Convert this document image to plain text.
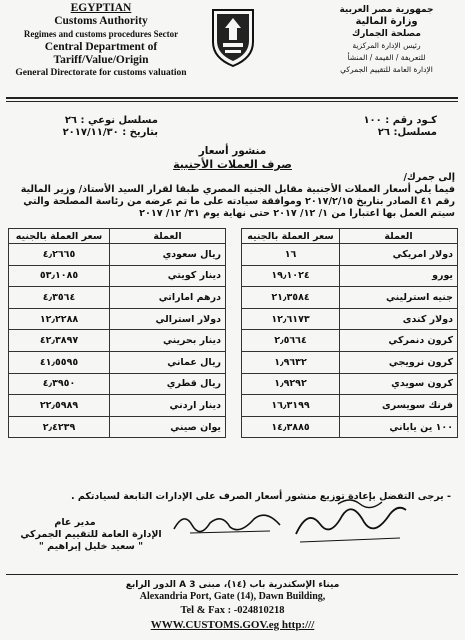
EGYPTIAN
Customs Authority
Regimes and customs procedures Sector
Central Department of
Tariff/Value/Origin
General Directorate for customs valuation
جمهورية مصر العربية
وزارة المالية
مصلحة الجمارك
رئيس الإدارة المركزية
للتعريفة / القيمة / المنشأ
الإدارة العامة للتقييم الجمركي
مسلسل نوعي : ٢٦
بتاريخ : ٢٠١٧/١١/٣٠
كـود رقم : ١٠٠
مسلسل: ٢٦
منشور أسعار
صرف العملات الأجنبية
إلى جمرك/
فيما يلي أسعار العملات الأجنبية مقابل الجنيه المصري طبقا لقرار السيد الأستاذ/ وزير المالية رقم ٤١ الصادر بتاريخ ٢٠١٧/٢/١٥ وموافقة سيادته على ما تم عرضه من رئاسة المصلحة والتي سيتم العمل بها اعتبارا من ١/ ١٢/ ٢٠١٧ حتى نهاية يوم ٣١/ ١٢/ ٢٠١٧
العملة	سعر العملة بالجنيه		العملة	سعر العملة بالجنيه
دولار امريكي	١٦		ريال سعودي	٤٫٢٦٦٥
يورو	١٩٫١٠٢٤		دينار كويتي	٥٣٫١٠٨٥
جنيه استرليني	٢١٫٣٥٨٤		درهم اماراتي	٤٫٣٥٦٤
دولار كندى	١٢٫٦١٧٣		دولار استرالي	١٢٫٢٢٨٨
كرون دنمركي	٢٫٥٦٦٤		دينار بحريني	٤٢٫٣٨٩٧
كرون نرويجي	١٫٩٦٣٢		ريال عماني	٤١٫٥٥٩٥
كرون سويدي	١٫٩٢٩٢		ريال قطري	٤٫٣٩٥٠
فرنك سويسرى	١٦٫٣١٩٩		دينار اردني	٢٢٫٥٩٨٩
١٠٠ ين ياباني	١٤٫٣٨٨٥		يوان صيني	٢٫٤٢٣٩
- يرجى التفضل بإعادة توزيع منشور أسعار الصرف على الإدارات التابعة لسيادتكم .
مدير عام
الإدارة العامة للتقييم الجمركي
" سعيد خليل إبراهيم "
ميناء الإسكندرية باب (١٤)، مبنى A 3 الدور الرابع
Alexandria Port, Gate (14), Dawn Building,
Tel & Fax : -024810218
WWW.CUSTOMS.GOV.eg http:///
